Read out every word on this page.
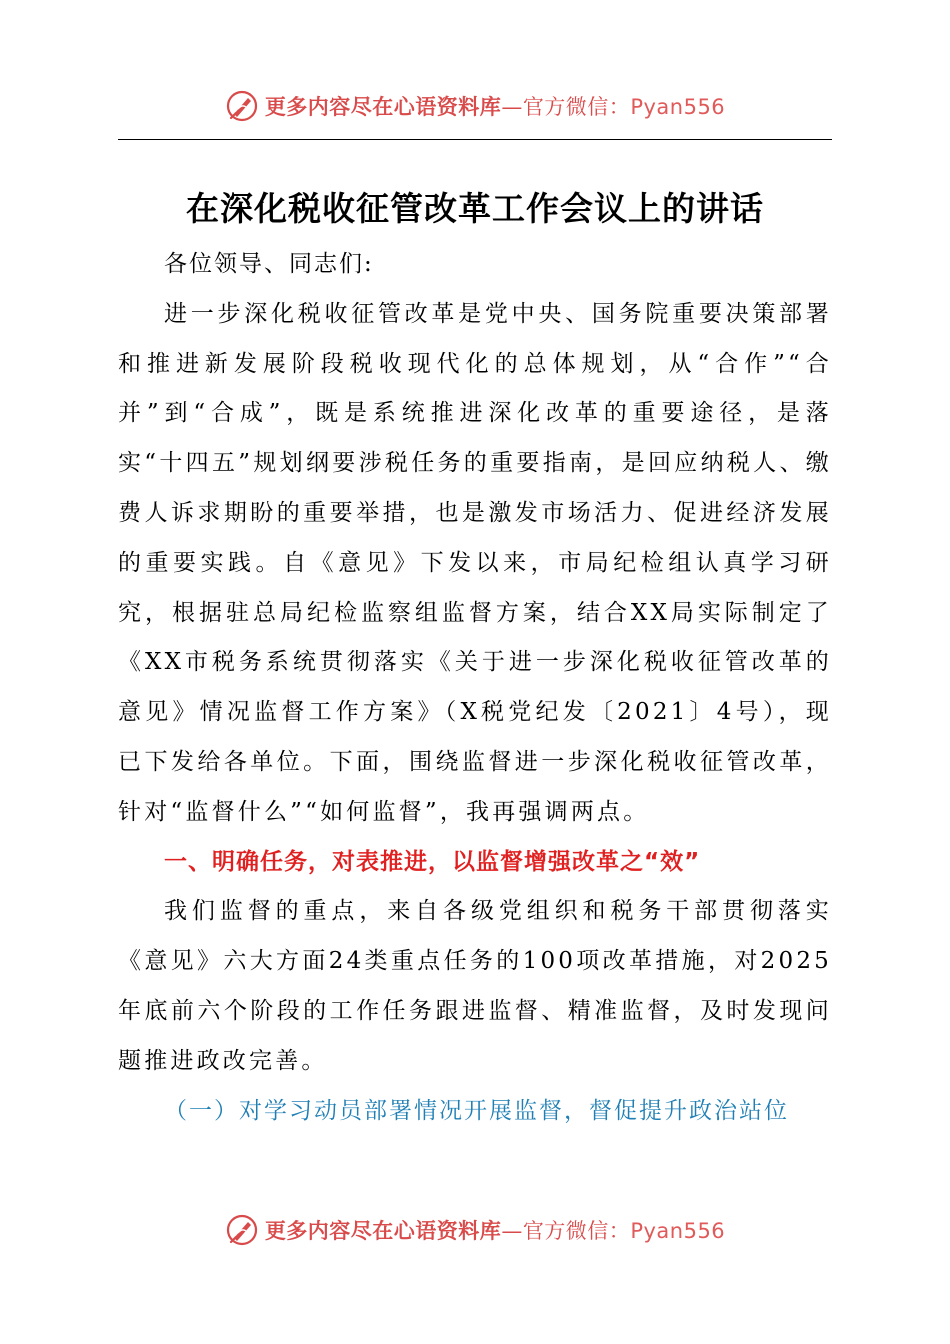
更多内容尽在心语资料库—官方微信：Pyan556
在深化税收征管改革工作会议上的讲话

各位领导、同志们:

进一步深化税收征管改革是党中央、国务院重要决策部署和推进新发展阶段税收现代化的总体规划，从“合作”“合并”到“合成”，既是系统推进深化改革的重要途径，是落实“十四五”规划纲要涉税任务的重要指南，是回应纳税人、缴费人诉求期盼的重要举措，也是激发市场活力、促进经济发展的重要实践。自《意见》下发以来，市局纪检组认真学习研究，根据驻总局纪检监察组监督方案，结合XX局实际制定了《XX市税务系统贯彻落实《关于进一步深化税收征管改革的意见》情况监督工作方案》（X税党纪发〔2021〕4号），现已下发给各单位。下面，围绕监督进一步深化税收征管改革，针对“监督什么”“如何监督”，我再强调两点。

一、明确任务，对表推进，以监督增强改革之“效”

我们监督的重点，来自各级党组织和税务干部贯彻落实《意见》六大方面24类重点任务的100项改革措施，对2025年底前六个阶段的工作任务跟进监督、精准监督，及时发现问题推进政改完善。

（一）对学习动员部署情况开展监督，督促提升政治站位

更多内容尽在心语资料库—官方微信：Pyan556
